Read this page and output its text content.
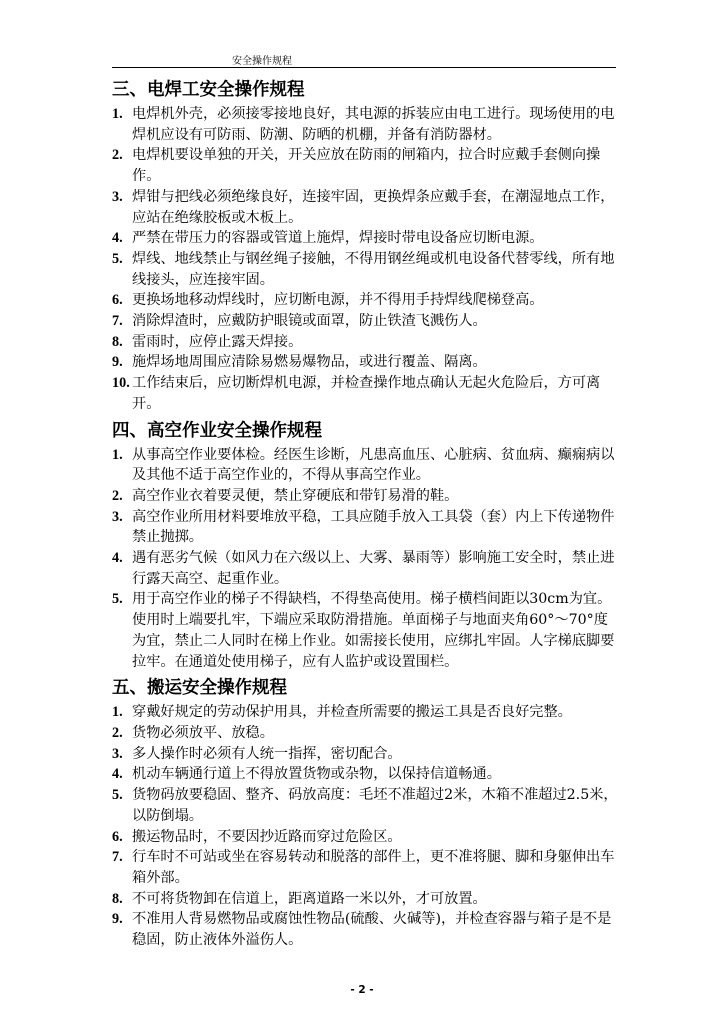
安全操作规程
三、电焊工安全操作规程
1. 电焊机外壳，必须接零接地良好，其电源的拆装应由电工进行。现场使用的电焊机应设有可防雨、防潮、防晒的机棚，并备有消防器材。
2. 电焊机要设单独的开关，开关应放在防雨的闸箱内，拉合时应戴手套侧向操作。
3. 焊钳与把线必须绝缘良好，连接牢固，更换焊条应戴手套，在潮湿地点工作，应站在绝缘胶板或木板上。
4. 严禁在带压力的容器或管道上施焊，焊接时带电设备应切断电源。
5. 焊线、地线禁止与钢丝绳子接触，不得用钢丝绳或机电设备代替零线，所有地线接头，应连接牢固。
6. 更换场地移动焊线时，应切断电源，并不得用手持焊线爬梯登高。
7. 消除焊渣时，应戴防护眼镜或面罩，防止铁渣飞溅伤人。
8. 雷雨时，应停止露天焊接。
9. 施焊场地周围应清除易燃易爆物品，或进行覆盖、隔离。
10. 工作结束后，应切断焊机电源，并检查操作地点确认无起火危险后，方可离开。
四、高空作业安全操作规程
1. 从事高空作业要体检。经医生诊断，凡患高血压、心脏病、贫血病、癫痫病以及其他不适于高空作业的，不得从事高空作业。
2. 高空作业衣着要灵便，禁止穿硬底和带钉易滑的鞋。
3. 高空作业所用材料要堆放平稳，工具应随手放入工具袋（套）内上下传递物件禁止抛掷。
4. 遇有恶劣气候（如风力在六级以上、大雾、暴雨等）影响施工安全时，禁止进行露天高空、起重作业。
5. 用于高空作业的梯子不得缺档，不得垫高使用。梯子横档间距以30cm为宜。使用时上端要扎牢，下端应采取防滑措施。单面梯子与地面夹角60°～70°度为宜，禁止二人同时在梯上作业。如需接长使用，应绑扎牢固。人字梯底脚要拉牢。在通道处使用梯子，应有人监护或设置围栏。
五、搬运安全操作规程
1. 穿戴好规定的劳动保护用具，并检查所需要的搬运工具是否良好完整。
2. 货物必须放平、放稳。
3. 多人操作时必须有人统一指挥，密切配合。
4. 机动车辆通行道上不得放置货物或杂物，以保持信道畅通。
5. 货物码放要稳固、整齐、码放高度：毛坯不准超过2米，木箱不准超过2.5米，以防倒塌。
6. 搬运物品时，不要因抄近路而穿过危险区。
7. 行车时不可站或坐在容易转动和脱落的部件上，更不准将腿、脚和身躯伸出车箱外部。
8. 不可将货物卸在信道上，距离道路一米以外，才可放置。
9. 不准用人背易燃物品或腐蚀性物品(硫酸、火碱等)，并检查容器与箱子是不是稳固，防止液体外溢伤人。
- 2 -
